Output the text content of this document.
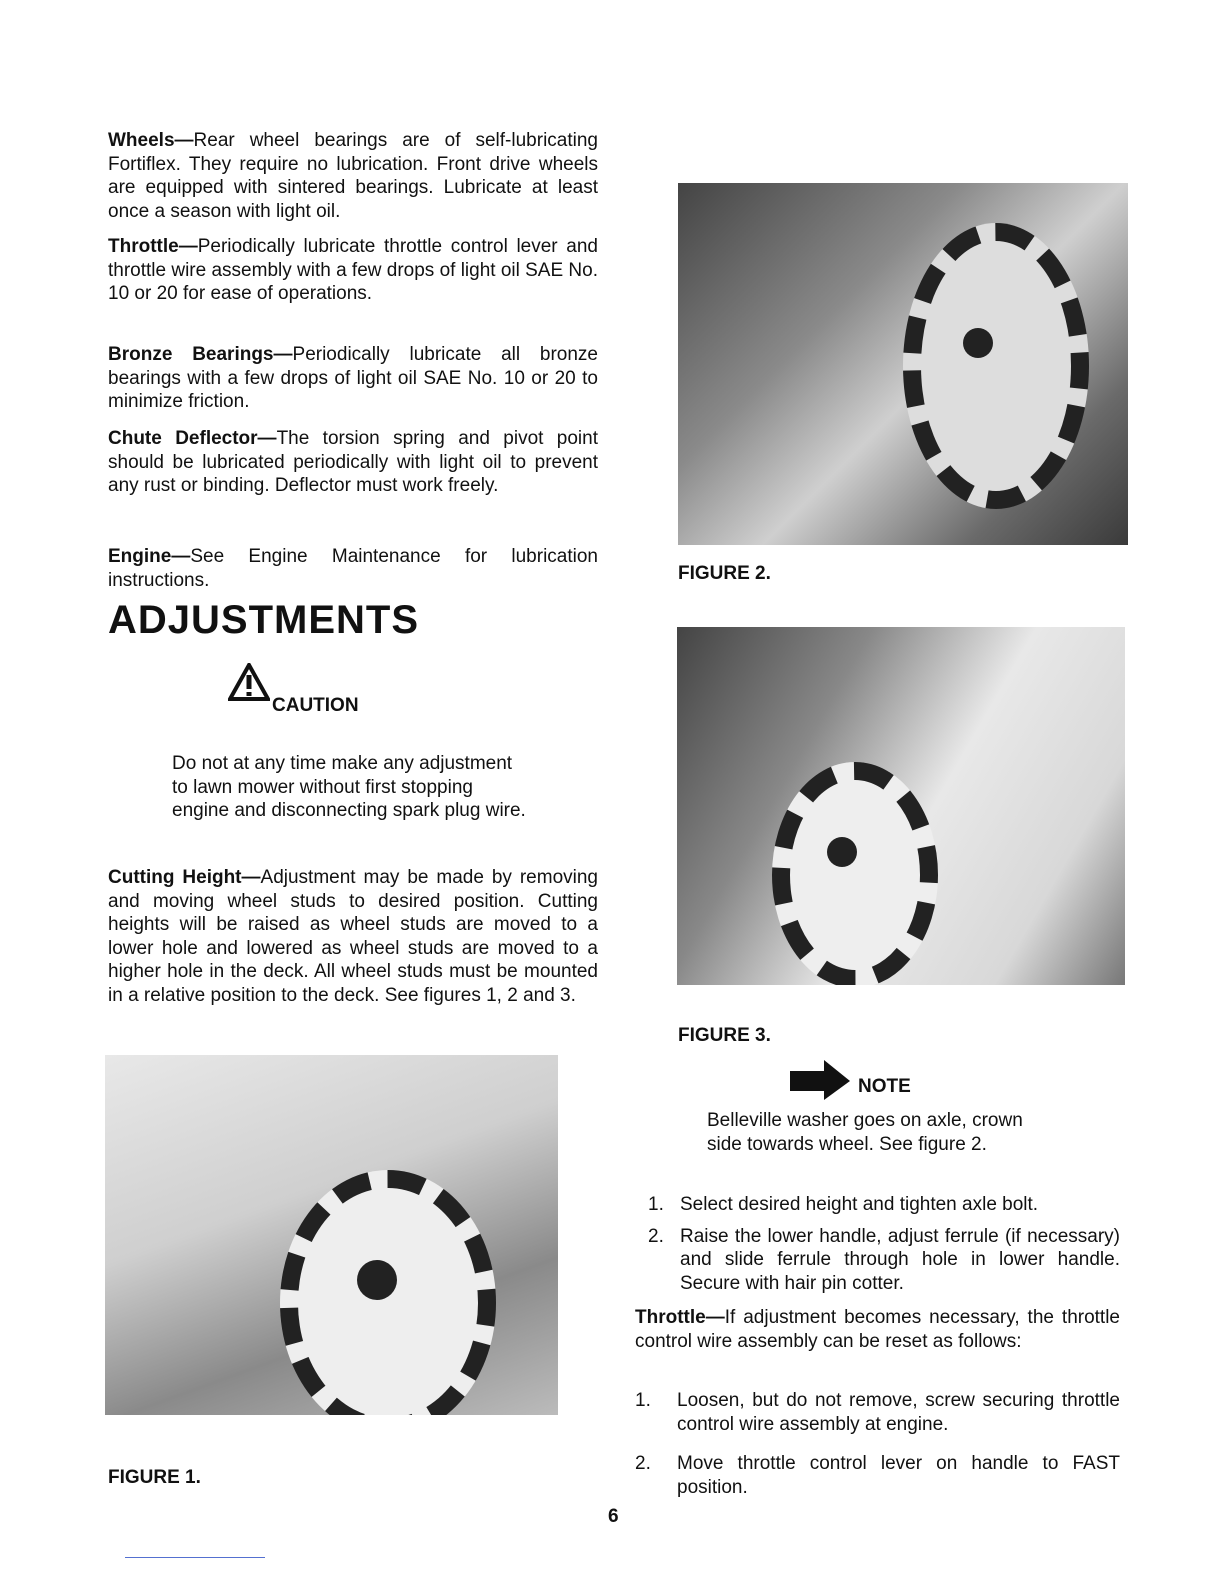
Wheels—Rear wheel bearings are of self-lubricating Fortiflex. They require no lubrication. Front drive wheels are equipped with sintered bearings. Lubricate at least once a season with light oil.
Throttle—Periodically lubricate throttle control lever and throttle wire assembly with a few drops of light oil SAE No. 10 or 20 for ease of operations.
Bronze Bearings—Periodically lubricate all bronze bearings with a few drops of light oil SAE No. 10 or 20 to minimize friction.
Chute Deflector—The torsion spring and pivot point should be lubricated periodically with light oil to prevent any rust or binding. Deflector must work freely.
Engine—See Engine Maintenance for lubrication instructions.
ADJUSTMENTS
CAUTION
Do not at any time make any adjustment to lawn mower without first stopping engine and disconnecting spark plug wire.
Cutting Height—Adjustment may be made by removing and moving wheel studs to desired position. Cutting heights will be raised as wheel studs are moved to a lower hole and lowered as wheel studs are moved to a higher hole in the deck. All wheel studs must be mounted in a relative position to the deck. See figures 1, 2 and 3.
FIGURE 1.
FIGURE 2.
FIGURE 3.
NOTE
Belleville washer goes on axle, crown side towards wheel. See figure 2.
1. Select desired height and tighten axle bolt.
2. Raise the lower handle, adjust ferrule (if necessary) and slide ferrule through hole in lower handle. Secure with hair pin cotter.
Throttle—If adjustment becomes necessary, the throttle control wire assembly can be reset as follows:
1. Loosen, but do not remove, screw securing throttle control wire assembly at engine.
2. Move throttle control lever on handle to FAST position.
6
